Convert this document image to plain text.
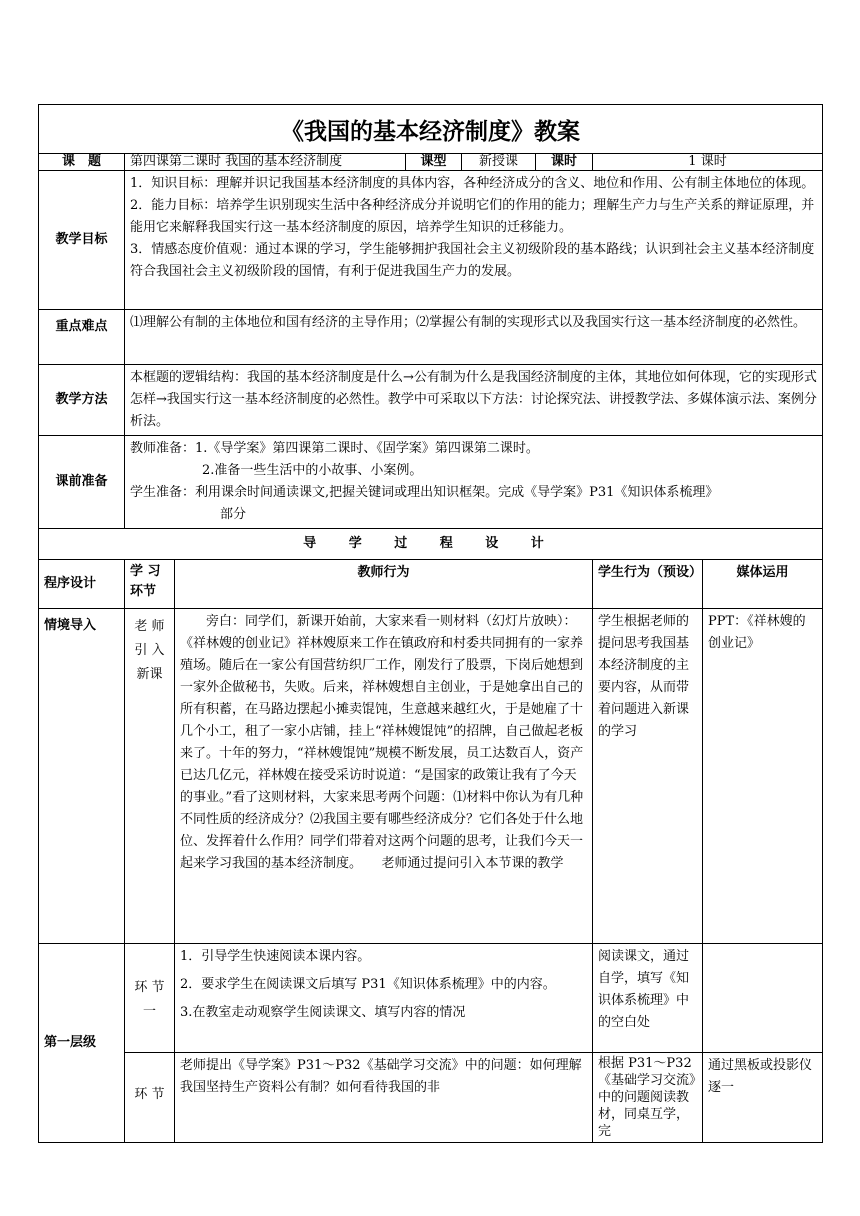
《我国的基本经济制度》教案							
课　题	第四课第二课时 我国的基本经济制度		课型	新授课	课时	1 课时	
教学目标	1．知识目标：理解并识记我国基本经济制度的具体内容，各种经济成分的含义、地位和作用、公有制主体地位的体现。

2．能力目标：培养学生识别现实生活中各种经济成分并说明它们的作用的能力；理解生产力与生产关系的辩证原理，并能用它来解释我国实行这一基本经济制度的原因，培养学生知识的迁移能力。

3．情感态度价值观：通过本课的学习，学生能够拥护我国社会主义初级阶段的基本路线；认识到社会主义基本经济制度符合我国社会主义初级阶段的国情，有利于促进我国生产力的发展。						

重点难点	⑴理解公有制的主体地位和国有经济的主导作用；⑵掌握公有制的实现形式以及我国实行这一基本经济制度的必然性。						
教学方法	本框题的逻辑结构：我国的基本经济制度是什么→公有制为什么是我国经济制度的主体，其地位如何体现，它的实现形式怎样→我国实行这一基本经济制度的必然性。教学中可采取以下方法：讨论探究法、讲授教学法、多媒体演示法、案例分析法。						
课前准备	教师准备：1.《导学案》第四课第二课时、《固学案》第四课第二课时。

2.准备一些生活中的小故事、小案例。

学生准备：利用课余时间通读课文,把握关键词或理出知识框架。完成《导学案》P31《知识体系梳理》

部分						

导 学 过 程 设 计							
程序设计	学 习 环节	教师行为				学生行为（预设）	媒体运用
情境导入	老 师 引 入 新课	旁白：同学们，新课开始前，大家来看一则材料（幻灯片放映）：《祥林嫂的创业记》祥林嫂原来工作在镇政府和村委共同拥有的一家养殖场。随后在一家公有国营纺织厂工作，刚发行了股票，下岗后她想到一家外企做秘书，失败。后来，祥林嫂想自主创业，于是她拿出自己的所有积蓄，在马路边摆起小摊卖馄饨，生意越来越红火，于是她雇了十几个小工，租了一家小店铺，挂上“祥林嫂馄饨”的招牌，自己做起老板来了。十年的努力，“祥林嫂馄饨”规模不断发展，员工达数百人，资产已达几亿元，祥林嫂在接受采访时说道：“是国家的政策让我有了今天的事业。”看了这则材料，大家来思考两个问题：⑴材料中你认为有几种不同性质的经济成分？⑵我国主要有哪些经济成分？它们各处于什么地位、发挥着什么作用？同学们带着对这两个问题的思考，让我们今天一起来学习我国的基本经济制度。　　老师通过提问引入本节课的教学				学生根据老师的提问思考我国基本经济制度的主要内容，从而带着问题进入新课的学习	PPT：《祥林嫂的创业记》
第一层级	环 节 一	1．引导学生快速阅读本课内容。

2．要求学生在阅读课文后填写 P31《知识体系梳理》中的内容。

3.在教室走动观察学生阅读课文、填写内容的情况				阅读课文，通过自学，填写《知识体系梳理》中的空白处	
	环 节	老师提出《导学案》P31～P32《基础学习交流》中的问题：如何理解我国坚持生产资料公有制？如何看待我国的非				根据 P31～P32《基础学习交流》中的问题阅读教材，同桌互学，完	通过黑板或投影仪逐一
